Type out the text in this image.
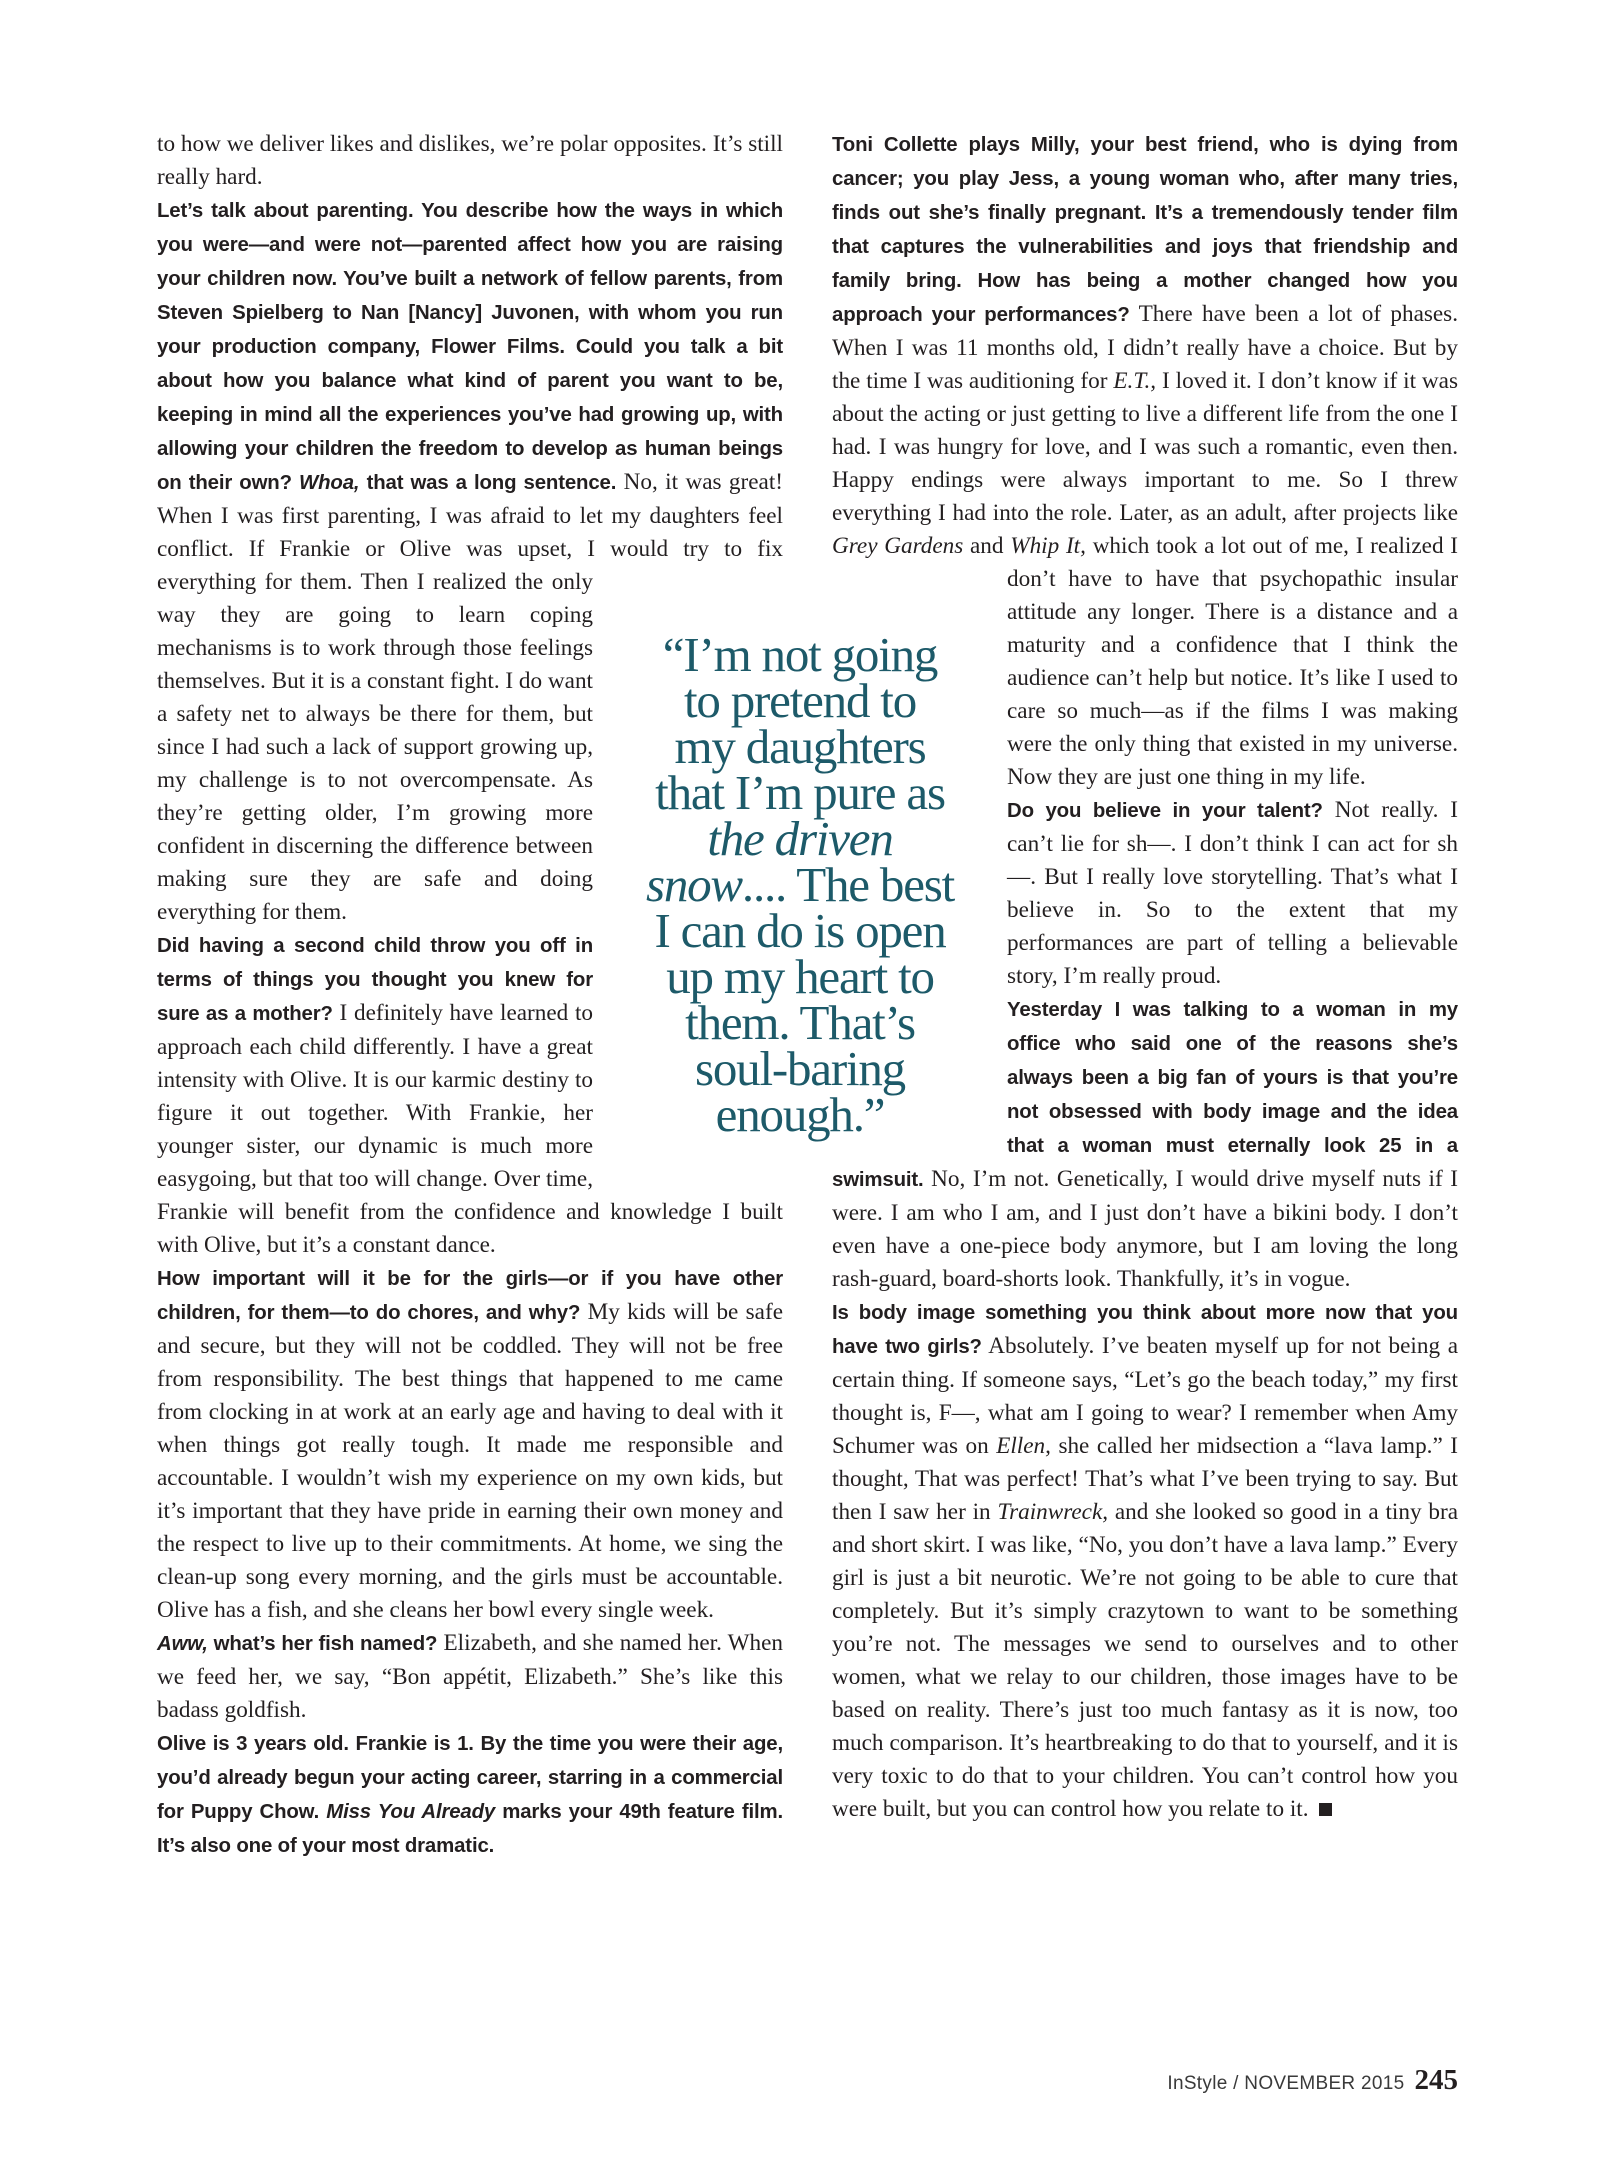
to how we deliver likes and dislikes, we’re polar opposites. It’s still really hard.

Let’s talk about parenting. You describe how the ways in which you were—and were not—parented affect how you are raising your children now. You’ve built a network of fellow parents, from Steven Spielberg to Nan [Nancy] Juvonen, with whom you run your production company, Flower Films. Could you talk a bit about how you balance what kind of parent you want to be, keeping in mind all the experiences you’ve had growing up, with allowing your children the freedom to develop as human beings on their own? Whoa, that was a long sentence. No, it was great! When I was first parenting, I was afraid to let my daughters feel conflict. If Frankie or Olive was upset, I would try to fix everything for them. Then I realized the only way they are going to learn coping mechanisms is to work through those feelings themselves. But it is a constant fight. I do want a safety net to always be there for them, but since I had such a lack of support growing up, my challenge is to not overcompensate. As they’re getting older, I’m growing more confident in discerning the difference between making sure they are safe and doing everything for them.

Did having a second child throw you off in terms of things you thought you knew for sure as a mother? I definitely have learned to approach each child differently. I have a great intensity with Olive. It is our karmic destiny to figure it out together. With Frankie, her younger sister, our dynamic is much more easygoing, but that too will change. Over time, Frankie will benefit from the confidence and knowledge I built with Olive, but it’s a constant dance.

How important will it be for the girls—or if you have other children, for them—to do chores, and why? My kids will be safe and secure, but they will not be coddled. They will not be free from responsibility. The best things that happened to me came from clocking in at work at an early age and having to deal with it when things got really tough. It made me responsible and accountable. I wouldn’t wish my experience on my own kids, but it’s important that they have pride in earning their own money and the respect to live up to their commitments. At home, we sing the clean-up song every morning, and the girls must be accountable. Olive has a fish, and she cleans her bowl every single week.

Aww, what’s her fish named? Elizabeth, and she named her. When we feed her, we say, “Bon appétit, Elizabeth.” She’s like this badass goldfish.

Olive is 3 years old. Frankie is 1. By the time you were their age, you’d already begun your acting career, starring in a commercial for Puppy Chow. Miss You Already marks your 49th feature film. It’s also one of your most dramatic.

Toni Collette plays Milly, your best friend, who is dying from cancer; you play Jess, a young woman who, after many tries, finds out she’s finally pregnant. It’s a tremendously tender film that captures the vulnerabilities and joys that friendship and family bring. How has being a mother changed how you approach your performances? There have been a lot of phases. When I was 11 months old, I didn’t really have a choice. But by the time I was auditioning for E.T., I loved it. I don’t know if it was about the acting or just getting to live a different life from the one I had. I was hungry for love, and I was such a romantic, even then. Happy endings were always important to me. So I threw everything I had into the role. Later, as an adult, after projects like Grey Gardens and Whip It, which took a lot out of me, I realized I don’t have to have that psychopathic insular attitude any longer. There is a distance and a maturity and a confidence that I think the audience can’t help but notice. It’s like I used to care so much—as if the films I was making were the only thing that existed in my universe. Now they are just one thing in my life.

Do you believe in your talent? Not really. I can’t lie for sh—. I don’t think I can act for sh—. But I really love storytelling. That’s what I believe in. So to the extent that my performances are part of telling a believable story, I’m really proud.

Yesterday I was talking to a woman in my office who said one of the reasons she’s always been a big fan of yours is that you’re not obsessed with body image and the idea that a woman must eternally look 25 in a swimsuit. No, I’m not. Genetically, I would drive myself nuts if I were. I am who I am, and I just don’t have a bikini body. I don’t even have a one-piece body anymore, but I am loving the long rash-guard, board-shorts look. Thankfully, it’s in vogue.

Is body image something you think about more now that you have two girls? Absolutely. I’ve beaten myself up for not being a certain thing. If someone says, “Let’s go the beach today,” my first thought is, F—, what am I going to wear? I remember when Amy Schumer was on Ellen, she called her midsection a “lava lamp.” I thought, That was perfect! That’s what I’ve been trying to say. But then I saw her in Trainwreck, and she looked so good in a tiny bra and short skirt. I was like, “No, you don’t have a lava lamp.” Every girl is just a bit neurotic. We’re not going to be able to cure that completely. But it’s simply crazytown to want to be something you’re not. The messages we send to ourselves and to other women, what we relay to our children, those images have to be based on reality. There’s just too much fantasy as it is now, too much comparison. It’s heartbreaking to do that to yourself, and it is very toxic to do that to your children. You can’t control how you were built, but you can control how you relate to it.

“I’m not going
to pretend to
my daughters
that I’m pure as
the driven
snow.... The best
I can do is open
up my heart to
them. That’s
soul-baring
enough.”
InStyle / NOVEMBER 2015 245
